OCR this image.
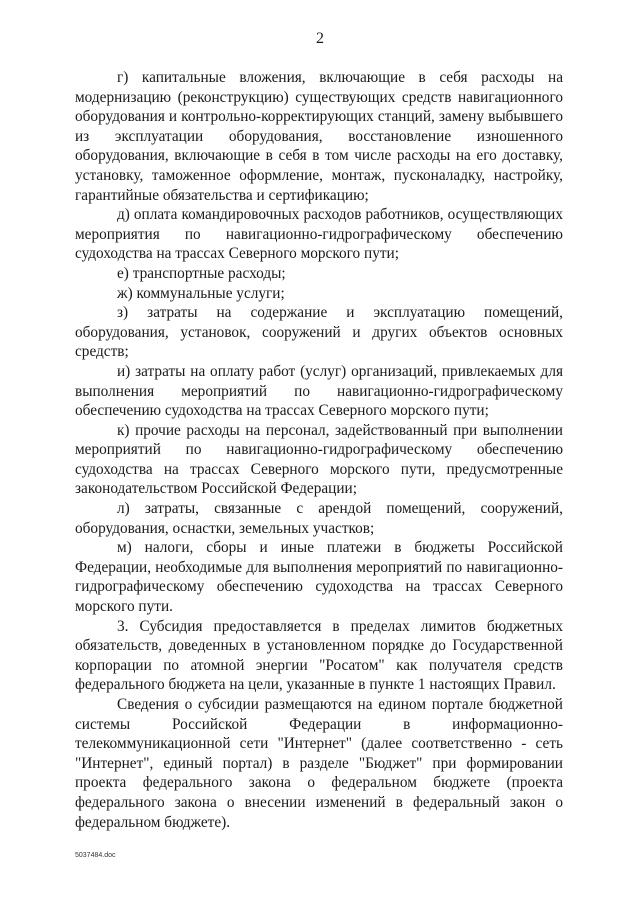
2

г) капитальные вложения, включающие в себя расходы на модернизацию (реконструкцию) существующих средств навигационного оборудования и контрольно-корректирующих станций, замену выбывшего из эксплуатации оборудования, восстановление изношенного оборудования, включающие в себя в том числе расходы на его доставку, установку, таможенное оформление, монтаж, пусконаладку, настройку, гарантийные обязательства и сертификацию;

д) оплата командировочных расходов работников, осуществляющих мероприятия по навигационно-гидрографическому обеспечению судоходства на трассах Северного морского пути;

е) транспортные расходы;

ж) коммунальные услуги;

з) затраты на содержание и эксплуатацию помещений, оборудования, установок, сооружений и других объектов основных средств;

и) затраты на оплату работ (услуг) организаций, привлекаемых для выполнения мероприятий по навигационно-гидрографическому обеспечению судоходства на трассах Северного морского пути;

к) прочие расходы на персонал, задействованный при выполнении мероприятий по навигационно-гидрографическому обеспечению судоходства на трассах Северного морского пути, предусмотренные законодательством Российской Федерации;

л) затраты, связанные с арендой помещений, сооружений, оборудования, оснастки, земельных участков;

м) налоги, сборы и иные платежи в бюджеты Российской Федерации, необходимые для выполнения мероприятий по навигационно-гидрографическому обеспечению судоходства на трассах Северного морского пути.

3. Субсидия предоставляется в пределах лимитов бюджетных обязательств, доведенных в установленном порядке до Государственной корпорации по атомной энергии "Росатом" как получателя средств федерального бюджета на цели, указанные в пункте 1 настоящих Правил.

Сведения о субсидии размещаются на едином портале бюджетной системы Российской Федерации в информационно-телекоммуникационной сети "Интернет" (далее соответственно - сеть "Интернет", единый портал) в разделе "Бюджет" при формировании проекта федерального закона о федеральном бюджете (проекта федерального закона о внесении изменений в федеральный закон о федеральном бюджете).

5037484.doc
